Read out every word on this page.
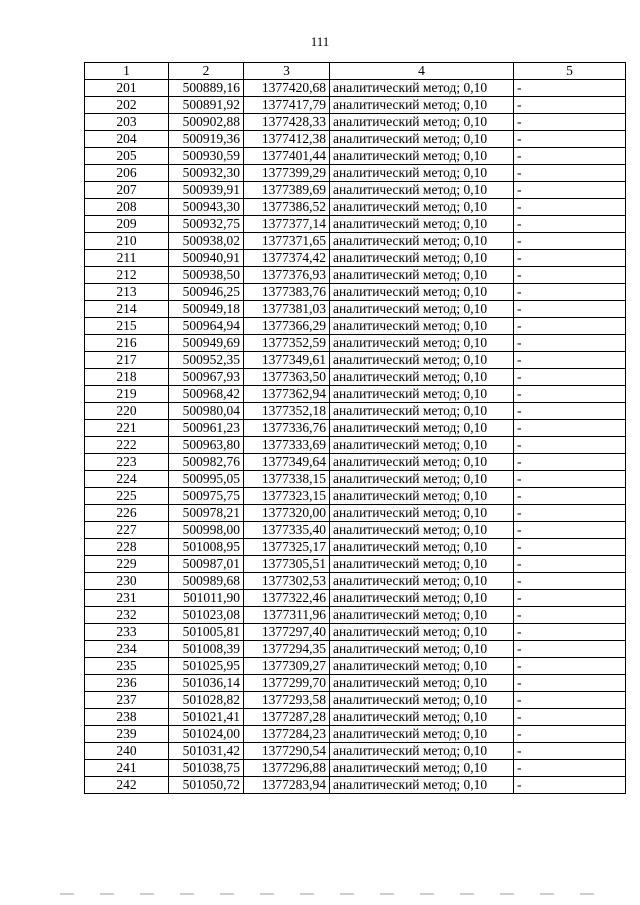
111
1	2	3	4	5
201	500889,16	1377420,68	аналитический метод; 0,10	-
202	500891,92	1377417,79	аналитический метод; 0,10	-
203	500902,88	1377428,33	аналитический метод; 0,10	-
204	500919,36	1377412,38	аналитический метод; 0,10	-
205	500930,59	1377401,44	аналитический метод; 0,10	-
206	500932,30	1377399,29	аналитический метод; 0,10	-
207	500939,91	1377389,69	аналитический метод; 0,10	-
208	500943,30	1377386,52	аналитический метод; 0,10	-
209	500932,75	1377377,14	аналитический метод; 0,10	-
210	500938,02	1377371,65	аналитический метод; 0,10	-
211	500940,91	1377374,42	аналитический метод; 0,10	-
212	500938,50	1377376,93	аналитический метод; 0,10	-
213	500946,25	1377383,76	аналитический метод; 0,10	-
214	500949,18	1377381,03	аналитический метод; 0,10	-
215	500964,94	1377366,29	аналитический метод; 0,10	-
216	500949,69	1377352,59	аналитический метод; 0,10	-
217	500952,35	1377349,61	аналитический метод; 0,10	-
218	500967,93	1377363,50	аналитический метод; 0,10	-
219	500968,42	1377362,94	аналитический метод; 0,10	-
220	500980,04	1377352,18	аналитический метод; 0,10	-
221	500961,23	1377336,76	аналитический метод; 0,10	-
222	500963,80	1377333,69	аналитический метод; 0,10	-
223	500982,76	1377349,64	аналитический метод; 0,10	-
224	500995,05	1377338,15	аналитический метод; 0,10	-
225	500975,75	1377323,15	аналитический метод; 0,10	-
226	500978,21	1377320,00	аналитический метод; 0,10	-
227	500998,00	1377335,40	аналитический метод; 0,10	-
228	501008,95	1377325,17	аналитический метод; 0,10	-
229	500987,01	1377305,51	аналитический метод; 0,10	-
230	500989,68	1377302,53	аналитический метод; 0,10	-
231	501011,90	1377322,46	аналитический метод; 0,10	-
232	501023,08	1377311,96	аналитический метод; 0,10	-
233	501005,81	1377297,40	аналитический метод; 0,10	-
234	501008,39	1377294,35	аналитический метод; 0,10	-
235	501025,95	1377309,27	аналитический метод; 0,10	-
236	501036,14	1377299,70	аналитический метод; 0,10	-
237	501028,82	1377293,58	аналитический метод; 0,10	-
238	501021,41	1377287,28	аналитический метод; 0,10	-
239	501024,00	1377284,23	аналитический метод; 0,10	-
240	501031,42	1377290,54	аналитический метод; 0,10	-
241	501038,75	1377296,88	аналитический метод; 0,10	-
242	501050,72	1377283,94	аналитический метод; 0,10	-
